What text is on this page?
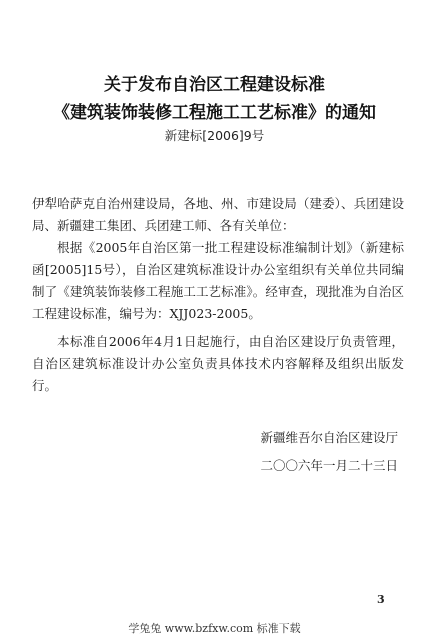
关于发布自治区工程建设标准
《建筑装饰装修工程施工工艺标准》的通知
新建标[2006]9号

伊犁哈萨克自治州建设局，各地、州、市建设局（建委）、兵团建设局、新疆建工集团、兵团建工师、各有关单位：

根据《2005年自治区第一批工程建设标准编制计划》（新建标函[2005]15号），自治区建筑标准设计办公室组织有关单位共同编制了《建筑装饰装修工程施工工艺标准》。经审查，现批准为自治区工程建设标准，编号为：XJJ023-2005。

本标准自2006年4月1日起施行，由自治区建设厅负责管理，自治区建筑标准设计办公室负责具体技术内容解释及组织出版发行。

新疆维吾尔自治区建设厅
二〇〇六年一月二十三日
3
学兔兔 www.bzfxw.com 标准下载
